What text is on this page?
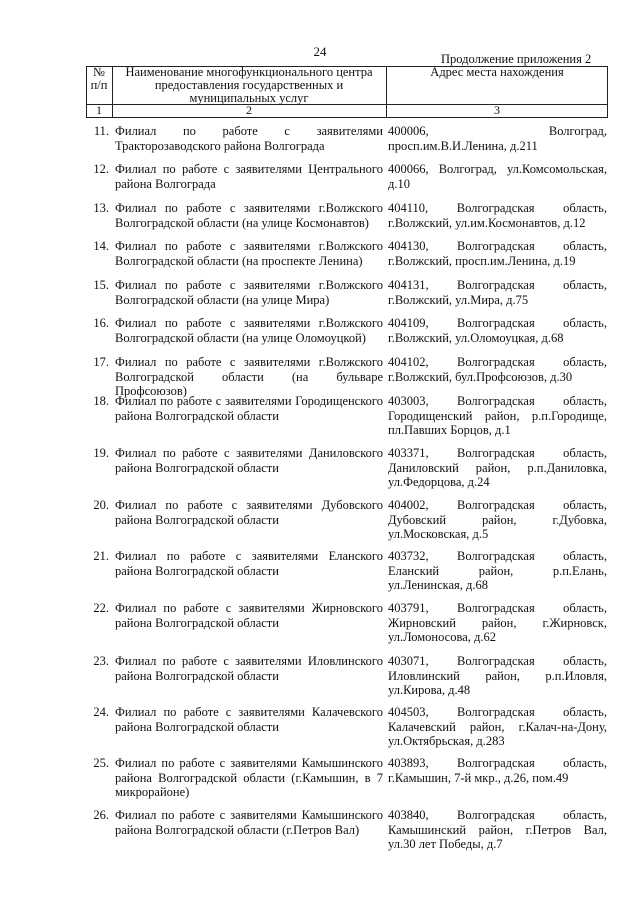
24	Продолжение приложения 2
№
п/п
Наименование многофункционального центра предоставления государственных и муниципальных услуг
Адрес места нахождения
1	2	3
11. Филиал по работе с заявителями Тракторозаводского района Волгограда
400006, Волгоград, просп.им.В.И.Ленина, д.211
12. Филиал по работе с заявителями Центрального района Волгограда
400066, Волгоград, ул.Комсомольская, д.10
13. Филиал по работе с заявителями г.Волжского Волгоградской области (на улице Космонавтов)
404110, Волгоградская область, г.Волжский, ул.им.Космонавтов, д.12
14. Филиал по работе с заявителями г.Волжского Волгоградской области (на проспекте Ленина)
404130, Волгоградская область, г.Волжский, просп.им.Ленина, д.19
15. Филиал по работе с заявителями г.Волжского Волгоградской области (на улице Мира)
404131, Волгоградская область, г.Волжский, ул.Мира, д.75
16. Филиал по работе с заявителями г.Волжского Волгоградской области (на улице Оломоуцкой)
404109, Волгоградская область, г.Волжский, ул.Оломоуцкая, д.68
17. Филиал по работе с заявителями г.Волжского Волгоградской области (на бульваре Профсоюзов)
404102, Волгоградская область, г.Волжский, бул.Профсоюзов, д.30
18. Филиал по работе с заявителями Городищенского района Волгоградской области
403003, Волгоградская область, Городищенский район, р.п.Городище, пл.Павших Борцов, д.1
19. Филиал по работе с заявителями Даниловского района Волгоградской области
403371, Волгоградская область, Даниловский район, р.п.Даниловка, ул.Федорцова, д.24
20. Филиал по работе с заявителями Дубовского района Волгоградской области
404002, Волгоградская область, Дубовский район, г.Дубовка, ул.Московская, д.5
21. Филиал по работе с заявителями Еланского района Волгоградской области
403732, Волгоградская область, Еланский район, р.п.Елань, ул.Ленинская, д.68
22. Филиал по работе с заявителями Жирновского района Волгоградской области
403791, Волгоградская область, Жирновский район, г.Жирновск, ул.Ломоносова, д.62
23. Филиал по работе с заявителями Иловлинского района Волгоградской области
403071, Волгоградская область, Иловлинский район, р.п.Иловля, ул.Кирова, д.48
24. Филиал по работе с заявителями Калачевского района Волгоградской области
404503, Волгоградская область, Калачевский район, г.Калач-на-Дону, ул.Октябрьская, д.283
25. Филиал по работе с заявителями Камышинского района Волгоградской области (г.Камышин, в 7 микрорайоне)
403893, Волгоградская область, г.Камышин, 7-й мкр., д.26, пом.49
26. Филиал по работе с заявителями Камышинского района Волгоградской области (г.Петров Вал)
403840, Волгоградская область, Камышинский район, г.Петров Вал, ул.30 лет Победы, д.7
